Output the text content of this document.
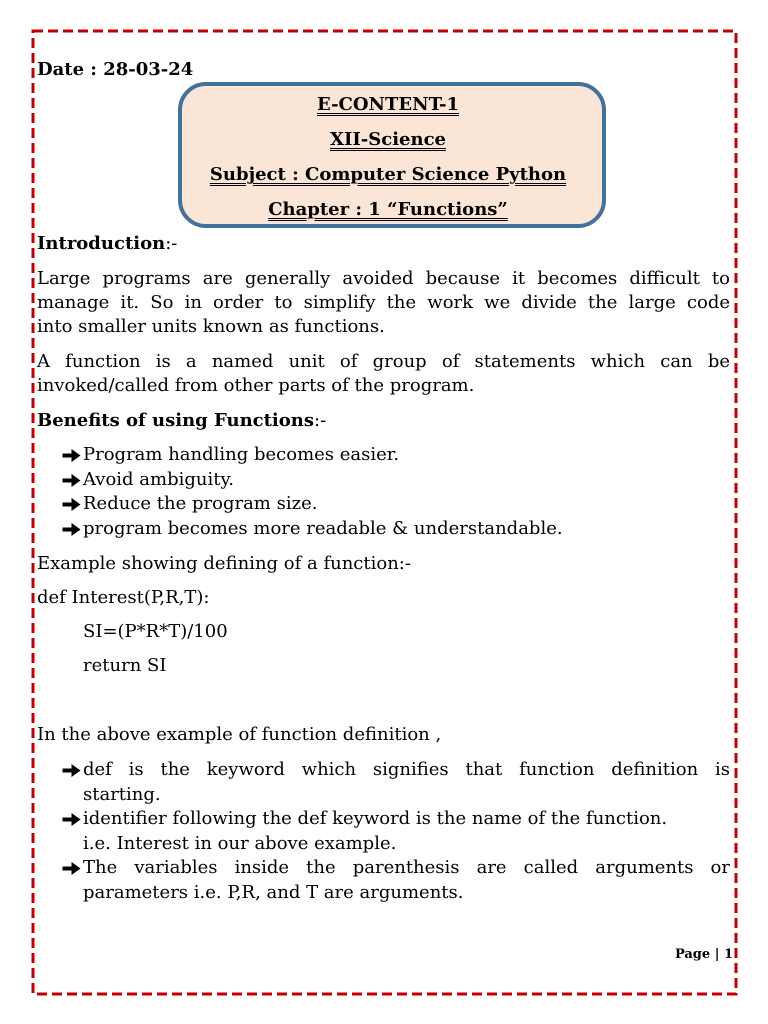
Date : 28-03-24
E-CONTENT-1
XII-Science
Subject : Computer Science Python
Chapter : 1 “Functions”
Introduction:-
Large programs are generally avoided because it becomes difficult to
manage it. So in order to simplify the work we divide the large code
into smaller units known as functions.
A function is a named unit of group of statements which can be
invoked/called from other parts of the program.
Benefits of using Functions:-
Program handling becomes easier.
Avoid ambiguity.
Reduce the program size.
program becomes more readable & understandable.
Example showing defining of a function:-
def Interest(P,R,T):
SI=(P*R*T)/100
return SI
In the above example of function definition ,
def is the keyword which signifies that function definition is
starting.
identifier following the def keyword is the name of the function.
i.e. Interest in our above example.
The variables inside the parenthesis are called arguments or
parameters i.e. P,R, and T are arguments.
Page | 1
